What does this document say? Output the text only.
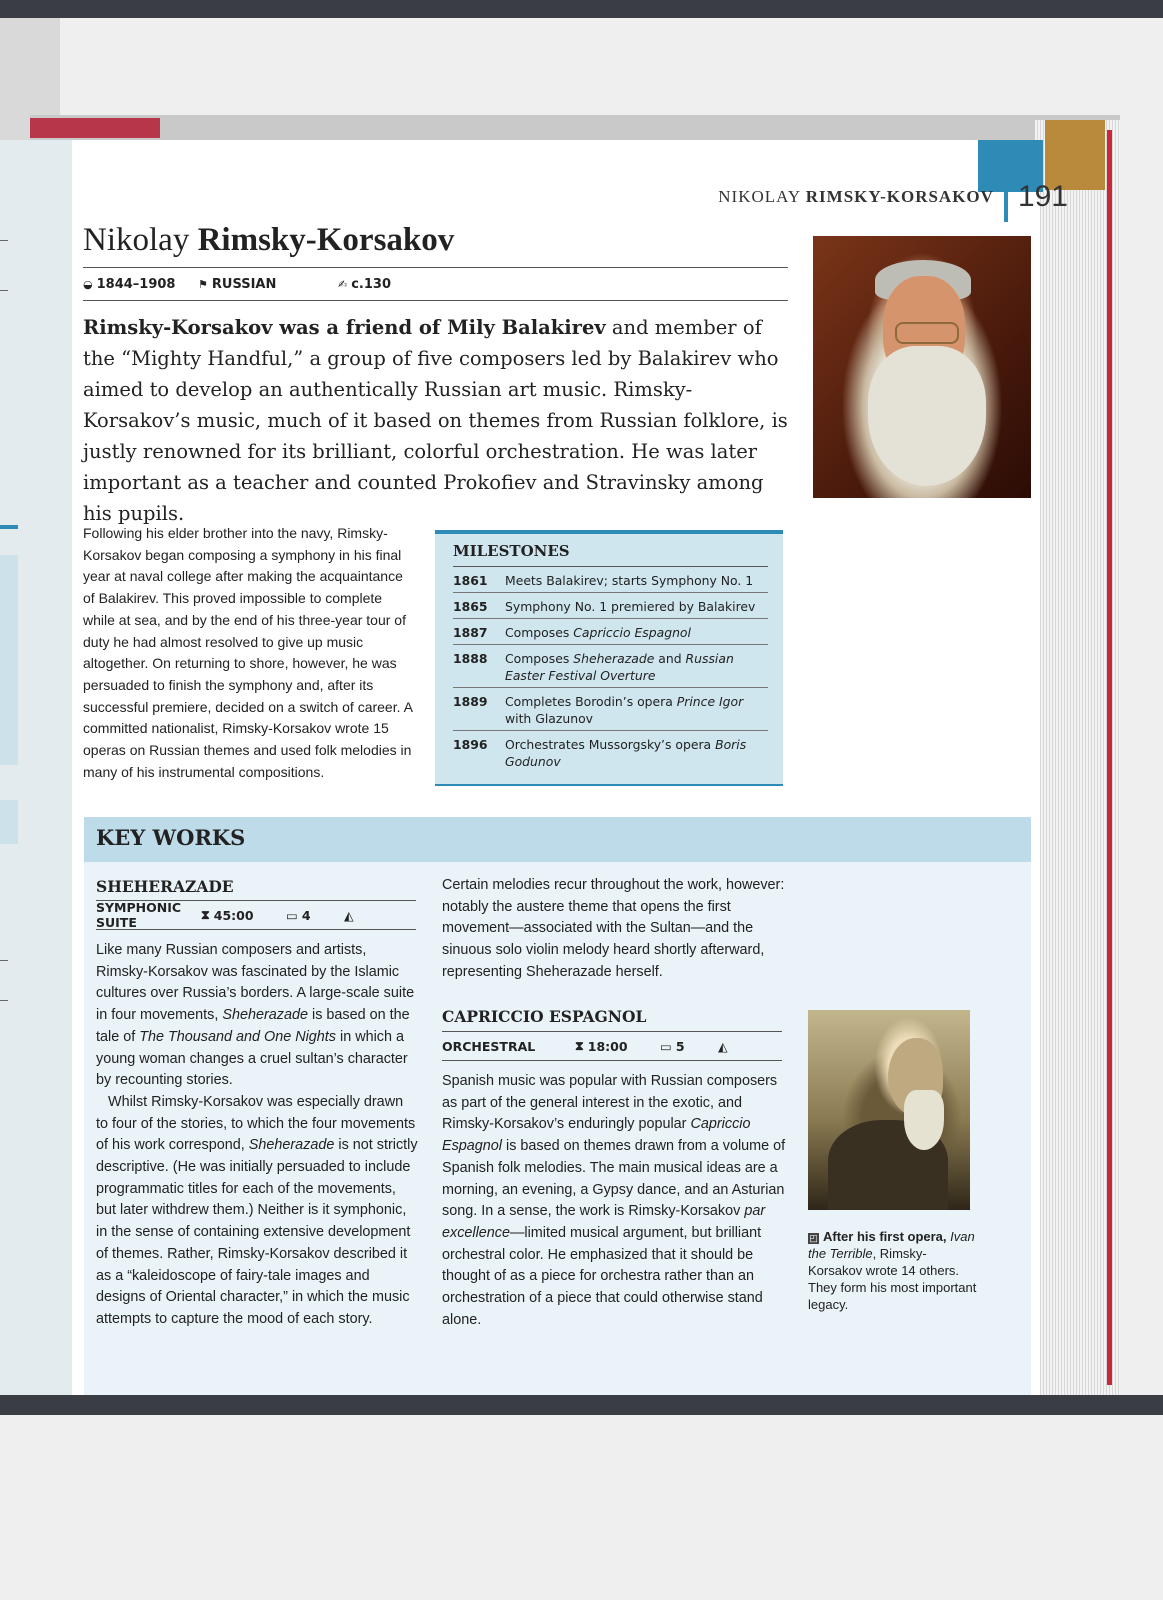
NIKOLAY RIMSKY-KORSAKOV 191
Nikolay Rimsky-Korsakov
◒ 1844–1908 ⚑ RUSSIAN	✍ c.130

Rimsky-Korsakov was a friend of Mily Balakirev and member of the “Mighty Handful,” a group of five composers led by Balakirev who aimed to develop an authentically Russian art music. Rimsky-Korsakov’s music, much of it based on themes from Russian folklore, is justly renowned for its brilliant, colorful orchestration. He was later important as a teacher and counted Prokofiev and Stravinsky among his pupils.

Following his elder brother into the navy, Rimsky-Korsakov began composing a symphony in his final year at naval college after making the acquaintance of Balakirev. This proved impossible to complete while at sea, and by the end of his three-year tour of duty he had almost resolved to give up music altogether. On returning to shore, however, he was persuaded to finish the symphony and, after its successful premiere, decided on a switch of career. A committed nationalist, Rimsky-Korsakov wrote 15 operas on Russian themes and used folk melodies in many of his instrumental compositions.

MILESTONES
1861	Meets Balakirev; starts Symphony No. 1
1865	Symphony No. 1 premiered by Balakirev
1887	Composes Capriccio Espagnol
1888	Composes Sheherazade and Russian Easter Festival Overture
1889	Completes Borodin’s opera Prince Igor with Glazunov
1896	Orchestrates Mussorgsky’s opera Boris Godunov
KEY WORKS
SHEHERAZADE
SYMPHONIC SUITE
⧗ 45:00	▭ 4	◭

Like many Russian composers and artists, Rimsky-Korsakov was fascinated by the Islamic cultures over Russia’s borders. A large-scale suite in four movements, Sheherazade is based on the tale of The Thousand and One Nights in which a young woman changes a cruel sultan’s character by recounting stories.

Whilst Rimsky-Korsakov was especially drawn to four of the stories, to which the four movements of his work correspond, Sheherazade is not strictly descriptive. (He was initially persuaded to include programmatic titles for each of the movements, but later withdrew them.) Neither is it symphonic, in the sense of containing extensive development of themes. Rather, Rimsky-Korsakov described it as a “kaleidoscope of fairy-tale images and designs of Oriental character,” in which the music attempts to capture the mood of each story.

Certain melodies recur throughout the work, however: notably the austere theme that opens the first movement—associated with the Sultan—and the sinuous solo violin melody heard shortly afterward, representing Sheherazade herself.

CAPRICCIO ESPAGNOL
ORCHESTRAL	⧗ 18:00	▭ 5	◭

Spanish music was popular with Russian composers as part of the general interest in the exotic, and Rimsky-Korsakov’s enduringly popular Capriccio Espagnol is based on themes drawn from a volume of Spanish folk melodies. The main musical ideas are a morning, an evening, a Gypsy dance, and an Asturian song. In a sense, the work is Rimsky-Korsakov par excellence—limited musical argument, but brilliant orchestral color. He emphasized that it should be thought of as a piece for orchestra rather than an orchestration of a piece that could otherwise stand alone.

◰ After his first opera, Ivan the Terrible, Rimsky-Korsakov wrote 14 others. They form his most important legacy.
